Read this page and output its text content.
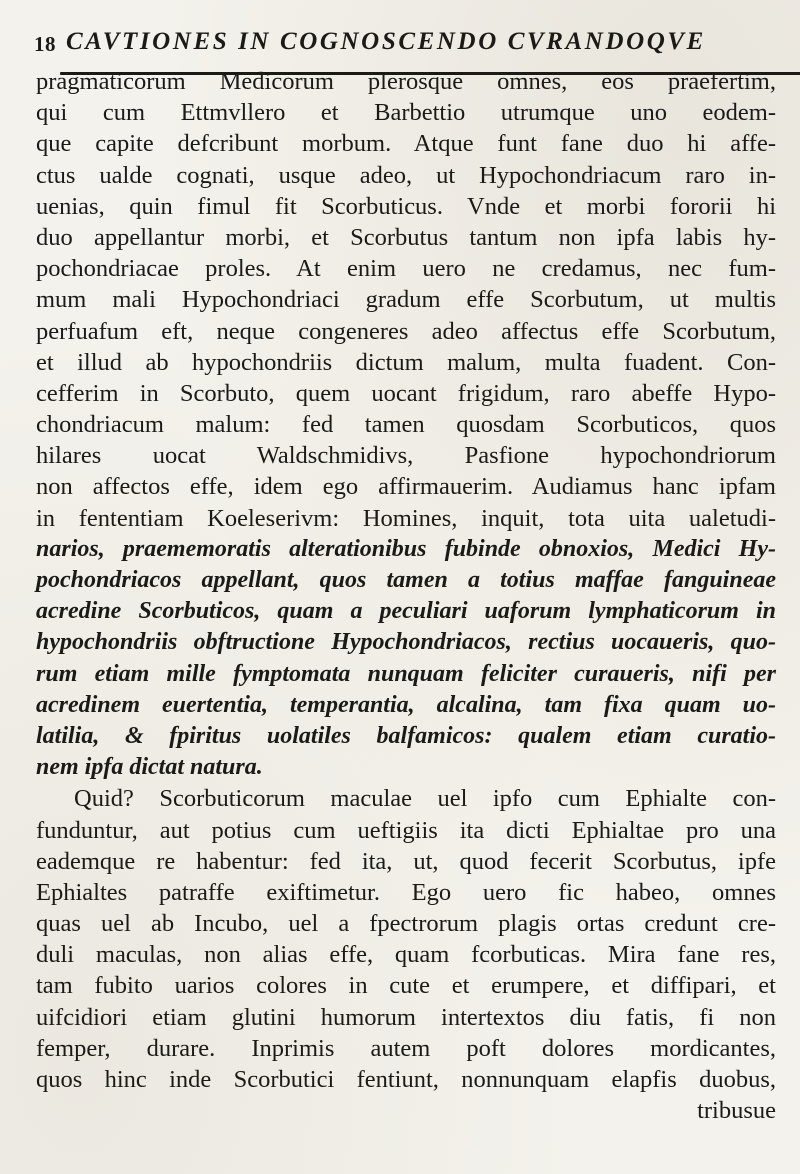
18 CAVTIONES IN COGNOSCENDO CVRANDOQVE
pragmaticorum Medicorum plerosque omnes, eos praefertim,
qui cum Ettmvllero et Barbettio utrumque uno eodem-
que capite defcribunt morbum. Atque funt fane duo hi affe-
ctus ualde cognati, usque adeo, ut Hypochondriacum raro in-
uenias, quin fimul fit Scorbuticus. Vnde et morbi fororii hi
duo appellantur morbi, et Scorbutus tantum non ipfa labis hy-
pochondriacae proles. At enim uero ne credamus, nec fum-
mum mali Hypochondriaci gradum effe Scorbutum, ut multis
perfuafum eft, neque congeneres adeo affectus effe Scorbutum,
et illud ab hypochondriis dictum malum, multa fuadent. Con-
cefferim in Scorbuto, quem uocant frigidum, raro abeffe Hypo-
chondriacum malum: fed tamen quosdam Scorbuticos, quos
hilares uocat Waldschmidivs, Pasfione hypochondriorum
non affectos effe, idem ego affirmauerim. Audiamus hanc ipfam
in fententiam Koeleserivm: Homines, inquit, tota uita ualetudi-
narios, praememoratis alterationibus fubinde obnoxios, Medici Hy-
pochondriacos appellant, quos tamen a totius maffae fanguineae
acredine Scorbuticos, quam a peculiari uaforum lymphaticorum in
hypochondriis obftructione Hypochondriacos, rectius uocaueris, quo-
rum etiam mille fymptomata nunquam feliciter curaueris, nifi per
acredinem euertentia, temperantia, alcalina, tam fixa quam uo-
latilia, & fpiritus uolatiles balfamicos: qualem etiam curatio-
nem ipfa dictat natura.
Quid? Scorbuticorum maculae uel ipfo cum Ephialte con-
funduntur, aut potius cum ueftigiis ita dicti Ephialtae pro una
eademque re habentur: fed ita, ut, quod fecerit Scorbutus, ipfe
Ephialtes patraffe exiftimetur. Ego uero fic habeo, omnes
quas uel ab Incubo, uel a fpectrorum plagis ortas credunt cre-
duli maculas, non alias effe, quam fcorbuticas. Mira fane res,
tam fubito uarios colores in cute et erumpere, et diffipari, et
uifcidiori etiam glutini humorum intertextos diu fatis, fi non
femper, durare. Inprimis autem poft dolores mordicantes,
quos hinc inde Scorbutici fentiunt, nonnunquam elapfis duobus,
tribusue
